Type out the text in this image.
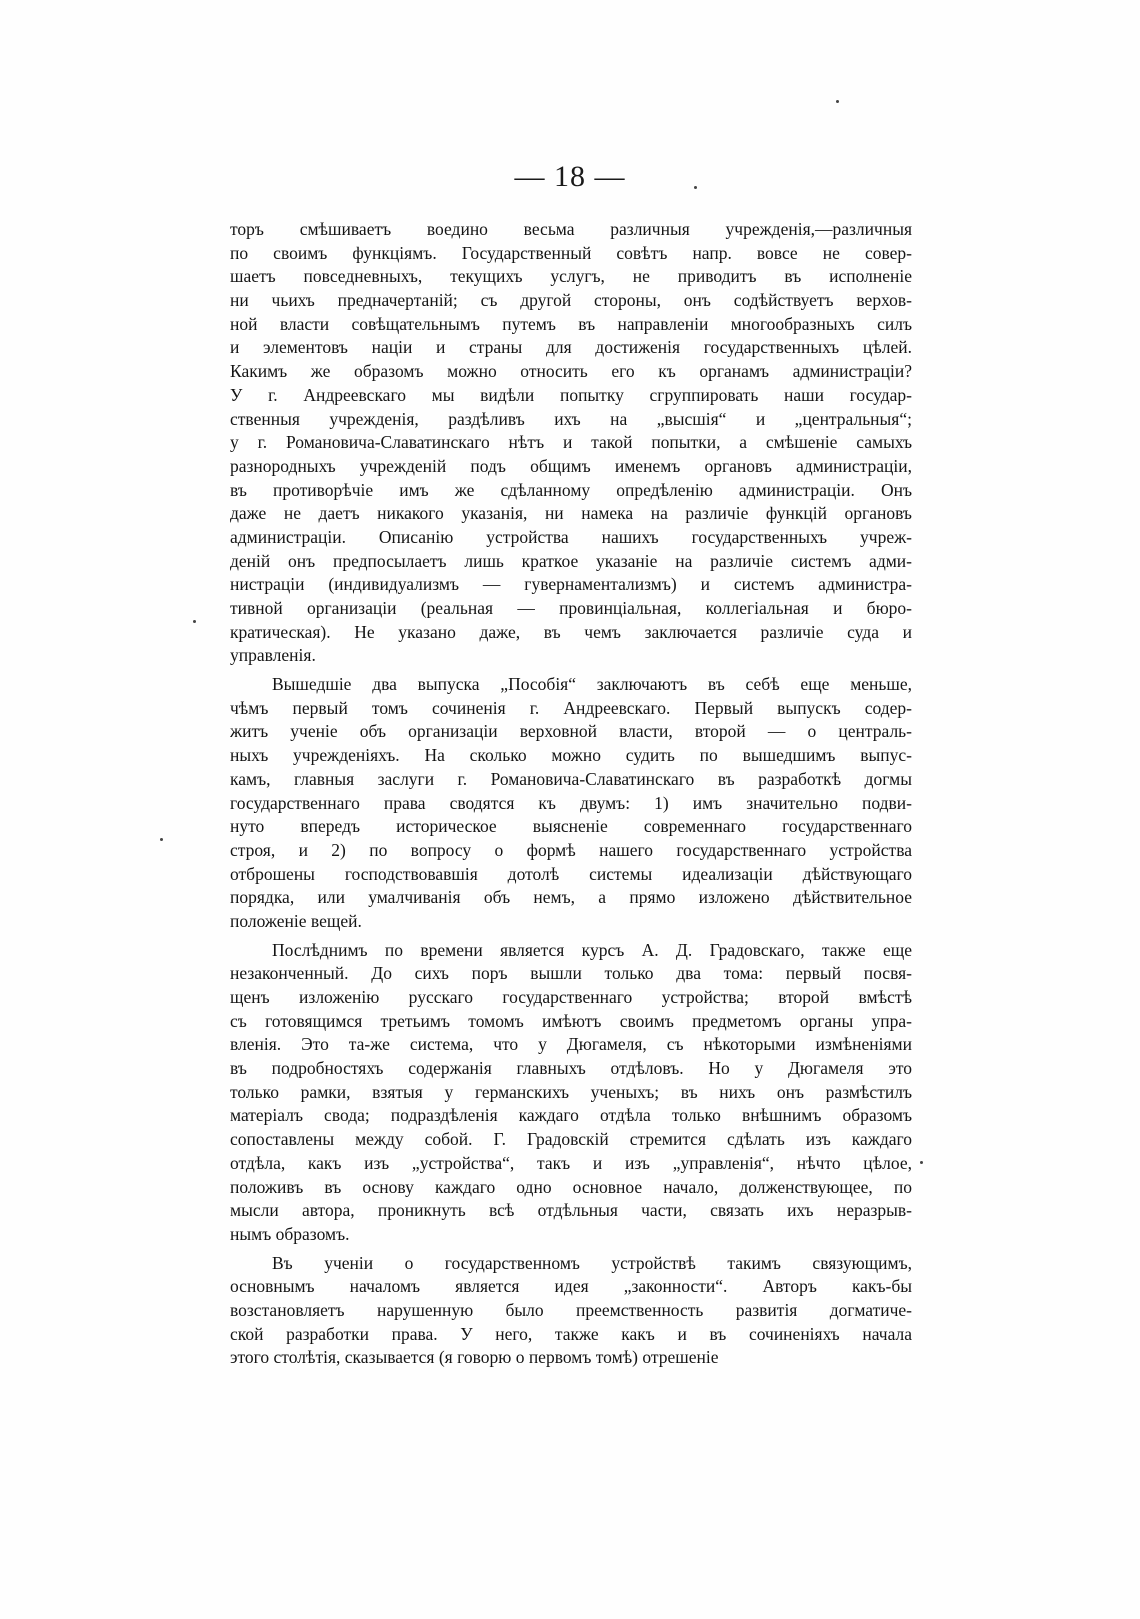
— 18 —
торъ смѣшиваетъ воедино весьма различныя учрежденія,—различныя
по своимъ функціямъ. Государственный совѣтъ напр. вовсе не совер-
шаетъ повседневныхъ, текущихъ услугъ, не приводитъ въ исполненіе
ни чьихъ предначертаній; съ другой стороны, онъ содѣйствуетъ верхов-
ной власти совѣщательнымъ путемъ въ направленіи многообразныхъ силъ
и элементовъ націи и страны для достиженія государственныхъ цѣлей.
Какимъ же образомъ можно относить его къ органамъ администраціи?
У г. Андреевскаго мы видѣли попытку сгруппировать наши государ-
ственныя учрежденія, раздѣливъ ихъ на „высшія“ и „центральныя“;
у г. Романовича-Славатинскаго нѣтъ и такой попытки, а смѣшеніе самыхъ
разнородныхъ учрежденій подъ общимъ именемъ органовъ администраціи,
въ противорѣчіе имъ же сдѣланному опредѣленію администраціи. Онъ
даже не даетъ никакого указанія, ни намека на различіе функцій органовъ
администраціи. Описанію устройства нашихъ государственныхъ учреж-
деній онъ предпосылаетъ лишь краткое указаніе на различіе системъ адми-
нистраціи (индивидуализмъ — гувернаментализмъ) и системъ администра-
тивной организаціи (реальная — провинціальная, коллегіальная и бюро-
кратическая). Не указано даже, въ чемъ заключается различіе суда и
управленія.
Вышедшіе два выпуска „Пособія“ заключаютъ въ себѣ еще меньше,
чѣмъ первый томъ сочиненія г. Андреевскаго. Первый выпускъ содер-
житъ ученіе объ организаціи верховной власти, второй — о централь-
ныхъ учрежденіяхъ. На сколько можно судить по вышедшимъ выпус-
камъ, главныя заслуги г. Романовича-Славатинскаго въ разработкѣ догмы
государственнаго права сводятся къ двумъ: 1) имъ значительно подви-
нуто впередъ историческое выясненіе современнаго государственнаго
строя, и 2) по вопросу о формѣ нашего государственнаго устройства
отброшены господствовавшія дотолѣ системы идеализаціи дѣйствующаго
порядка, или умалчиванія объ немъ, а прямо изложено дѣйствительное
положеніе вещей.
Послѣднимъ по времени является курсъ А. Д. Градовскаго, также еще
незаконченный. До сихъ поръ вышли только два тома: первый посвя-
щенъ изложенію русскаго государственнаго устройства; второй вмѣстѣ
съ готовящимся третьимъ томомъ имѣютъ своимъ предметомъ органы упра-
вленія. Это та-же система, что у Дюгамеля, съ нѣкоторыми измѣненіями
въ подробностяхъ содержанія главныхъ отдѣловъ. Но у Дюгамеля это
только рамки, взятыя у германскихъ ученыхъ; въ нихъ онъ размѣстилъ
матеріалъ свода; подраздѣленія каждаго отдѣла только внѣшнимъ образомъ
сопоставлены между собой. Г. Градовскій стремится сдѣлать изъ каждаго
отдѣла, какъ изъ „устройства“, такъ и изъ „управленія“, нѣчто цѣлое,
положивъ въ основу каждаго одно основное начало, долженствующее, по
мысли автора, проникнуть всѣ отдѣльныя части, связать ихъ неразрыв-
нымъ образомъ.
Въ ученіи о государственномъ устройствѣ такимъ связующимъ,
основнымъ началомъ является идея „законности“. Авторъ какъ-бы
возстановляетъ нарушенную было преемственность развитія догматиче-
ской разработки права. У него, также какъ и въ сочиненіяхъ начала
этого столѣтія, сказывается (я говорю о первомъ томѣ) отрешеніе
